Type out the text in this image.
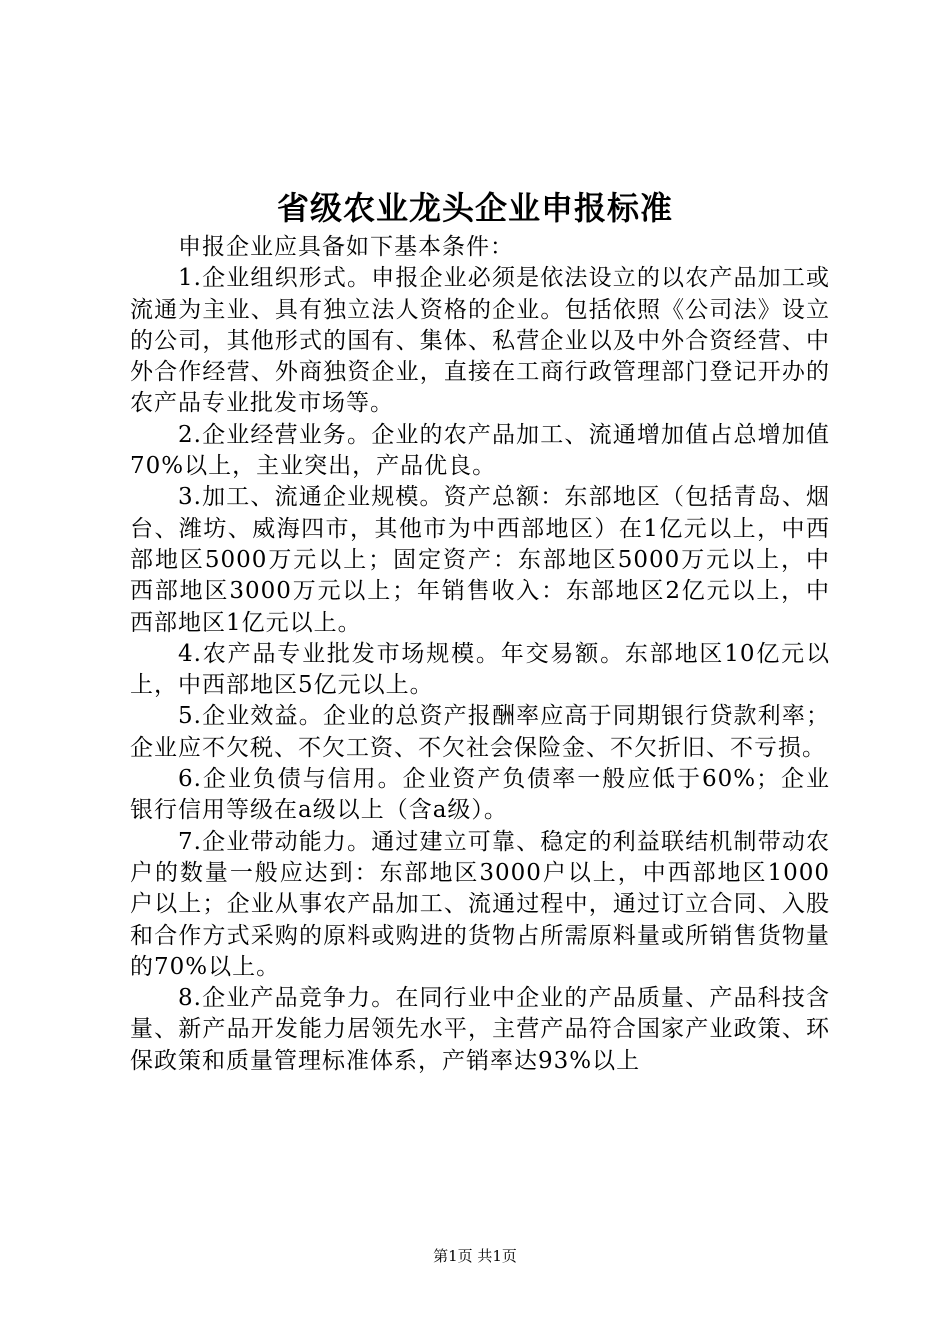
省级农业龙头企业申报标准

申报企业应具备如下基本条件：

1.企业组织形式。申报企业必须是依法设立的以农产品加工或流通为主业、具有独立法人资格的企业。包括依照《公司法》设立的公司，其他形式的国有、集体、私营企业以及中外合资经营、中外合作经营、外商独资企业，直接在工商行政管理部门登记开办的农产品专业批发市场等。

2.企业经营业务。企业的农产品加工、流通增加值占总增加值70%以上，主业突出，产品优良。

3.加工、流通企业规模。资产总额：东部地区（包括青岛、烟台、潍坊、威海四市，其他市为中西部地区）在1亿元以上，中西部地区5000万元以上；固定资产：东部地区5000万元以上，中西部地区3000万元以上；年销售收入：东部地区2亿元以上，中西部地区1亿元以上。

4.农产品专业批发市场规模。年交易额。东部地区10亿元以上，中西部地区5亿元以上。

5.企业效益。企业的总资产报酬率应高于同期银行贷款利率；企业应不欠税、不欠工资、不欠社会保险金、不欠折旧、不亏损。

6.企业负债与信用。企业资产负债率一般应低于60%；企业银行信用等级在a级以上（含a级）。

7.企业带动能力。通过建立可靠、稳定的利益联结机制带动农户的数量一般应达到：东部地区3000户以上，中西部地区1000户以上；企业从事农产品加工、流通过程中，通过订立合同、入股和合作方式采购的原料或购进的货物占所需原料量或所销售货物量的70%以上。

8.企业产品竞争力。在同行业中企业的产品质量、产品科技含量、新产品开发能力居领先水平，主营产品符合国家产业政策、环保政策和质量管理标准体系，产销率达93%以上

第1页 共1页
